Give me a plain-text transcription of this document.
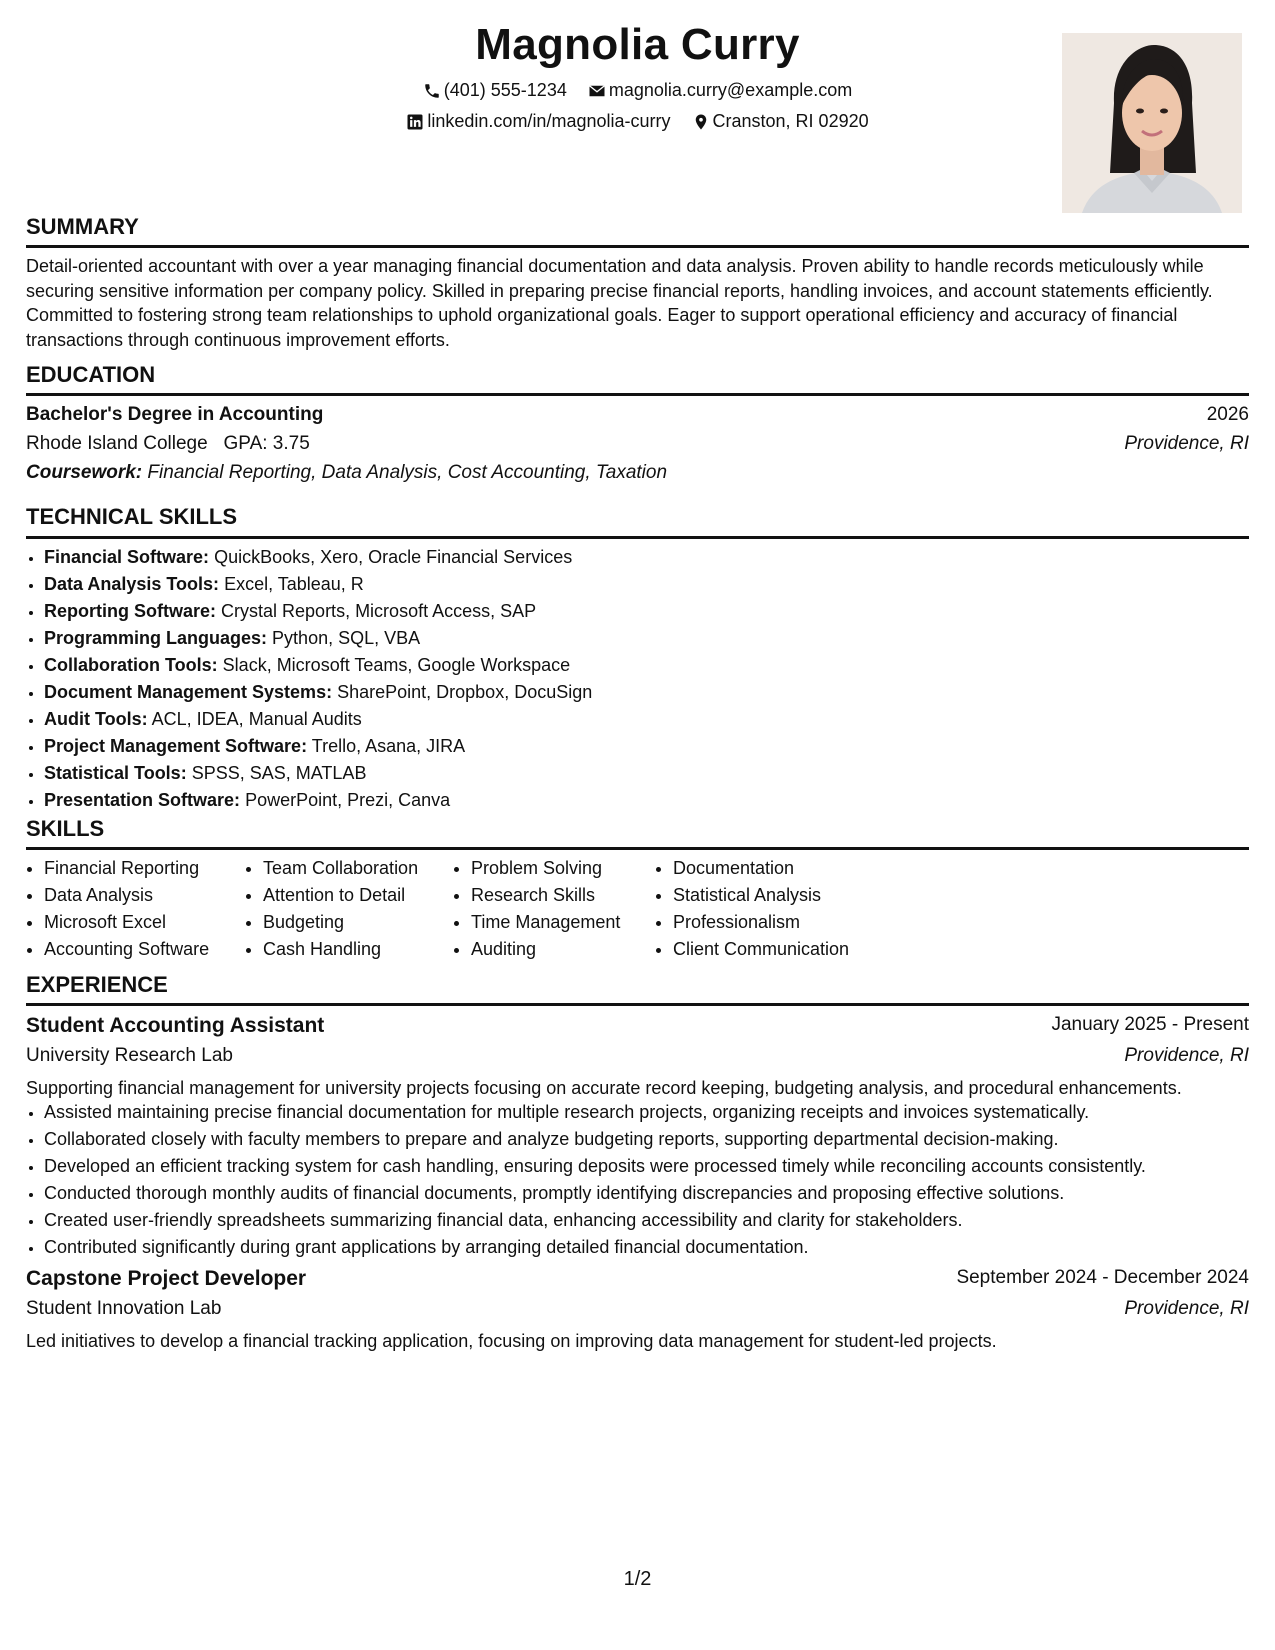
Magnolia Curry
(401) 555-1234
magnolia.curry@example.com
linkedin.com/in/magnolia-curry
Cranston, RI 02920
SUMMARY
Detail-oriented accountant with over a year managing financial documentation and data analysis. Proven ability to handle records meticulously while securing sensitive information per company policy. Skilled in preparing precise financial reports, handling invoices, and account statements efficiently. Committed to fostering strong team relationships to uphold organizational goals. Eager to support operational efficiency and accuracy of financial transactions through continuous improvement efforts.
EDUCATION
Bachelor's Degree in Accounting	2026
Rhode Island College GPA: 3.75	Providence, RI
Coursework: Financial Reporting, Data Analysis, Cost Accounting, Taxation
TECHNICAL SKILLS
• Financial Software: QuickBooks, Xero, Oracle Financial Services
• Data Analysis Tools: Excel, Tableau, R
• Reporting Software: Crystal Reports, Microsoft Access, SAP
• Programming Languages: Python, SQL, VBA
• Collaboration Tools: Slack, Microsoft Teams, Google Workspace
• Document Management Systems: SharePoint, Dropbox, DocuSign
• Audit Tools: ACL, IDEA, Manual Audits
• Project Management Software: Trello, Asana, JIRA
• Statistical Tools: SPSS, SAS, MATLAB
• Presentation Software: PowerPoint, Prezi, Canva
SKILLS
• Financial Reporting
• Data Analysis
• Microsoft Excel
• Accounting Software
• Team Collaboration
• Attention to Detail
• Budgeting
• Cash Handling
• Problem Solving
• Research Skills
• Time Management
• Auditing
• Documentation
• Statistical Analysis
• Professionalism
• Client Communication
EXPERIENCE
Student Accounting Assistant	January 2025 - Present
University Research Lab	Providence, RI
Supporting financial management for university projects focusing on accurate record keeping, budgeting analysis, and procedural enhancements.
• Assisted maintaining precise financial documentation for multiple research projects, organizing receipts and invoices systematically.
• Collaborated closely with faculty members to prepare and analyze budgeting reports, supporting departmental decision-making.
• Developed an efficient tracking system for cash handling, ensuring deposits were processed timely while reconciling accounts consistently.
• Conducted thorough monthly audits of financial documents, promptly identifying discrepancies and proposing effective solutions.
• Created user-friendly spreadsheets summarizing financial data, enhancing accessibility and clarity for stakeholders.
• Contributed significantly during grant applications by arranging detailed financial documentation.
Capstone Project Developer	September 2024 - December 2024
Student Innovation Lab	Providence, RI
Led initiatives to develop a financial tracking application, focusing on improving data management for student-led projects.
1/2
